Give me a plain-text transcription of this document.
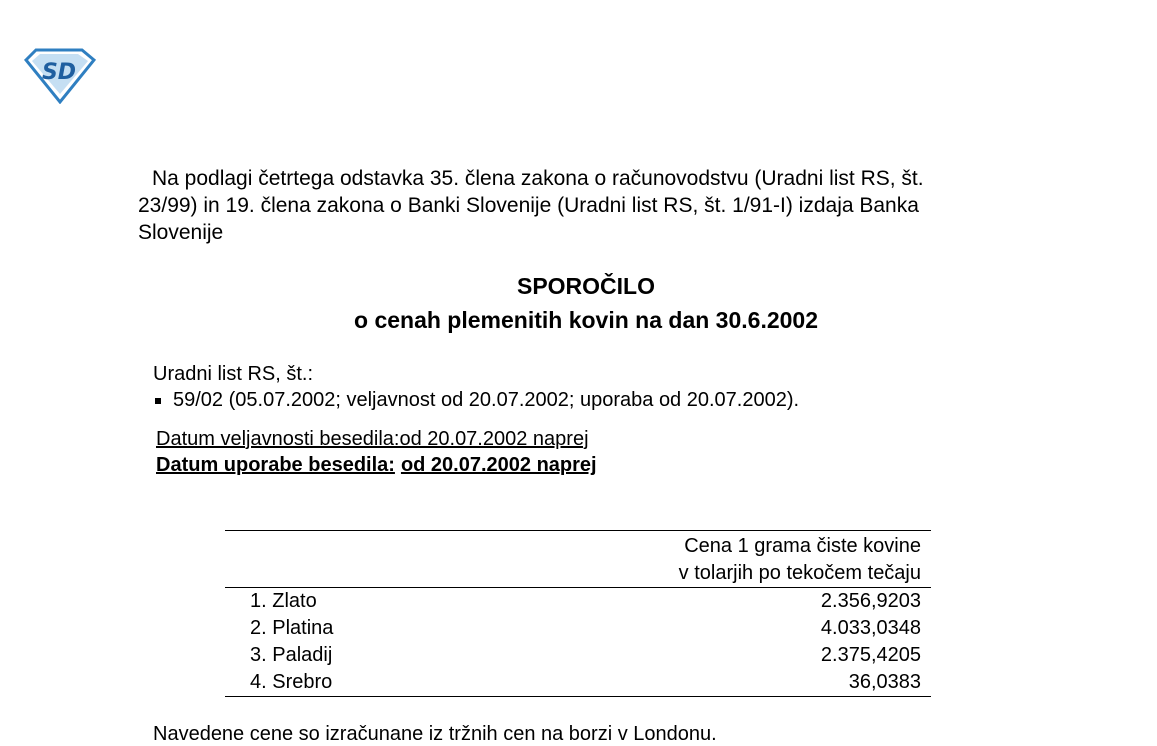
SD

Na podlagi četrtega odstavka 35. člena zakona o računovodstvu (Uradni list RS, št.
23/99) in 19. člena zakona o Banki Slovenije (Uradni list RS, št. 1/91-I) izdaja Banka
Slovenije

SPOROČILO
o cenah plemenitih kovin na dan 30.6.2002
Uradni list RS, št.:
59/02 (05.07.2002; veljavnost od 20.07.2002; uporaba od 20.07.2002).
Datum veljavnosti besedila:od 20.07.2002 naprej
Datum uporabe besedila: od 20.07.2002 naprej
Cena 1 grama čiste kovine
v tolarjih po tekočem tečaju
1. Zlato	2.356,9203
2. Platina	4.033,0348
3. Paladij	2.375,4205
4. Srebro	36,0383
Navedene cene so izračunane iz tržnih cen na borzi v Londonu.
